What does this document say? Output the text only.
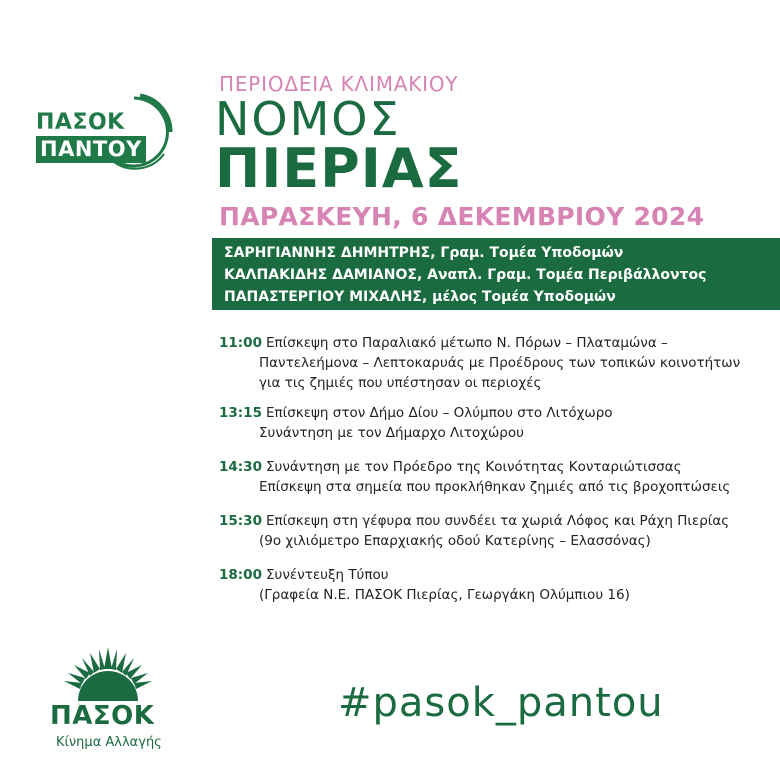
ΠΑΣΟΚ
ΠΑΝΤΟΥ
ΠΕΡΙΟΔΕΙΑ ΚΛΙΜΑΚΙΟΥ
ΝΟΜΟΣ
ΠΙΕΡΙΑΣ
ΠΑΡΑΣΚΕΥΗ, 6 ΔΕΚΕΜΒΡΙΟΥ 2024
ΣΑΡΗΓΙΑΝΝΗΣ ΔΗΜΗΤΡΗΣ, Γραμ. Τομέα Υποδομών
ΚΑΛΠΑΚΙΔΗΣ ΔΑΜΙΑΝΟΣ, Αναπλ. Γραμ. Τομέα Περιβάλλοντος
ΠΑΠΑΣΤΕΡΓΙΟΥ ΜΙΧΑΛΗΣ, μέλος Τομέα Υποδομών
11:00 Επίσκεψη στο Παραλιακό μέτωπο Ν. Πόρων – Πλαταμώνα –
Παντελεήμονα – Λεπτοκαρυάς με Προέδρους των τοπικών κοινοτήτων
για τις ζημιές που υπέστησαν οι περιοχές
13:15 Επίσκεψη στον Δήμο Δίου – Ολύμπου στο Λιτόχωρο
Συνάντηση με τον Δήμαρχο Λιτοχώρου
14:30 Συνάντηση με τον Πρόεδρο της Κοινότητας Κονταριώτισσας
Επίσκεψη στα σημεία που προκλήθηκαν ζημιές από τις βροχοπτώσεις
15:30 Επίσκεψη στη γέφυρα που συνδέει τα χωριά Λόφος και Ράχη Πιερίας
(9ο χιλιόμετρο Επαρχιακής οδού Κατερίνης – Ελασσόνας)
18:00 Συνέντευξη Τύπου
(Γραφεία Ν.Ε. ΠΑΣΟΚ Πιερίας, Γεωργάκη Ολύμπιου 16)
ΠΑΣΟΚ
Κίνημα Αλλαγής
#pasok_pantou
